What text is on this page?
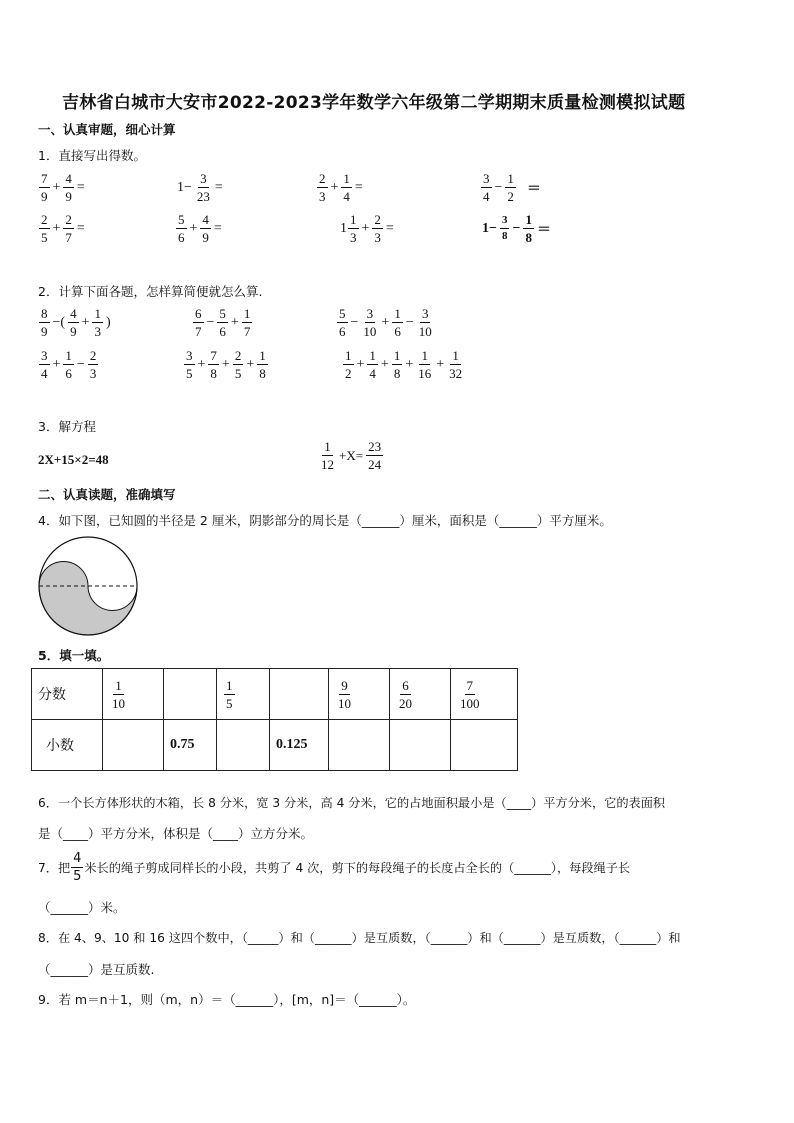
吉林省白城市大安市2022-2023学年数学六年级第二学期期末质量检测模拟试题
一、认真审题，细心计算
1．直接写出得数。
$\frac{7}{9} + \frac{4}{9}$ =	$1- \frac{3}{23}$ =	$\frac{2}{3} + \frac{1}{4}$ =	$\frac{3}{4} - \frac{1}{2}$ ＝
$\frac{2}{5} + \frac{2}{7}$ =	$\frac{5}{6} + \frac{4}{9}$ =	$1 \frac{1}{3} + \frac{2}{3}$ =	$1- \frac{3}{8} - \frac{1}{8}$ ＝
2．计算下面各题，怎样算简便就怎么算.
$\frac{8}{9}$ −( $\frac{4}{9} + \frac{1}{3}$ )	$\frac{6}{7} - \frac{5}{6} + \frac{1}{7}$	$\frac{5}{6} - \frac{3}{10} + \frac{1}{6} - \frac{3}{10}$
$\frac{3}{4} + \frac{1}{6} - \frac{2}{3}$	$\frac{3}{5} + \frac{7}{8} + \frac{2}{5} + \frac{1}{8}$	$\frac{1}{2} + \frac{1}{4} + \frac{1}{8} + \frac{1}{16} + \frac{1}{32}$
3．解方程
2X+15×2=48	$\frac{1}{12} +X= \frac{23}{24}$
二、认真读题，准确填写
4．如下图，已知圆的半径是 2 厘米，阴影部分的周长是（______）厘米，面积是（______）平方厘米。
5．填一填。
分数	$\frac{1}{10}$		$\frac{1}{5}$		$\frac{9}{10}$	$\frac{6}{20}$	$\frac{7}{100}$

小数		0.75		0.125			
6．一个长方体形状的木箱，长 8 分米，宽 3 分米，高 4 分米，它的占地面积最小是（____）平方分米，它的表面积
是（____）平方分米，体积是（____）立方分米。
7．把 $\frac{4}{5}$ 米长的绳子剪成同样长的小段，共剪了 4 次，剪下的每段绳子的长度占全长的（______），每段绳子长
（______）米。
8．在 4、9、10 和 16 这四个数中，（_____）和（______）是互质数，（______）和（______）是互质数，（______）和
（______）是互质数.
9．若 m＝n＋1，则（m，n）＝（______），[m，n]＝（______）。
